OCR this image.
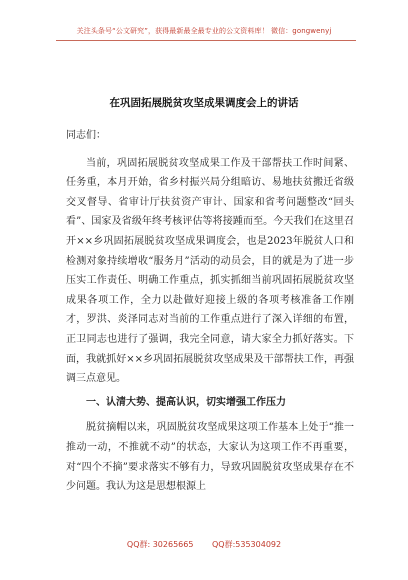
关注头条号“公文研究”，获得最新最全最专业的公文资料库！ 微信：gongwenyj
在巩固拓展脱贫攻坚成果调度会上的讲话

同志们：

当前，巩固拓展脱贫攻坚成果工作及干部帮扶工作时间紧、任务重，本月开始，省乡村振兴局分组暗访、易地扶贫搬迁省级交叉督导、省审计厅扶贫资产审计、国家和省考问题整改“回头看”、国家及省级年终考核评估等将接踵而至。今天我们在这里召开××乡巩固拓展脱贫攻坚成果调度会，也是2023年脱贫人口和检测对象持续增收“服务月”活动的动员会，目的就是为了进一步压实工作责任、明确工作重点，抓实抓细当前巩固拓展脱贫攻坚成果各项工作，全力以赴做好迎接上级的各项考核准备工作刚才，罗洪、炎泽同志对当前的工作重点进行了深入详细的布置，正卫同志也进行了强调，我完全同意，请大家全力抓好落实。下面，我就抓好××乡巩固拓展脱贫攻坚成果及干部帮扶工作，再强调三点意见。

一、认清大势、提高认识，切实增强工作压力

脱贫摘帽以来，巩固脱贫攻坚成果这项工作基本上处于“推一推动一动，不推就不动”的状态，大家认为这项工作不再重要，对“四个不摘”要求落实不够有力，导致巩固脱贫攻坚成果存在不少问题。我认为这是思想根源上

QQ群: 30265665 QQ群:535304092
